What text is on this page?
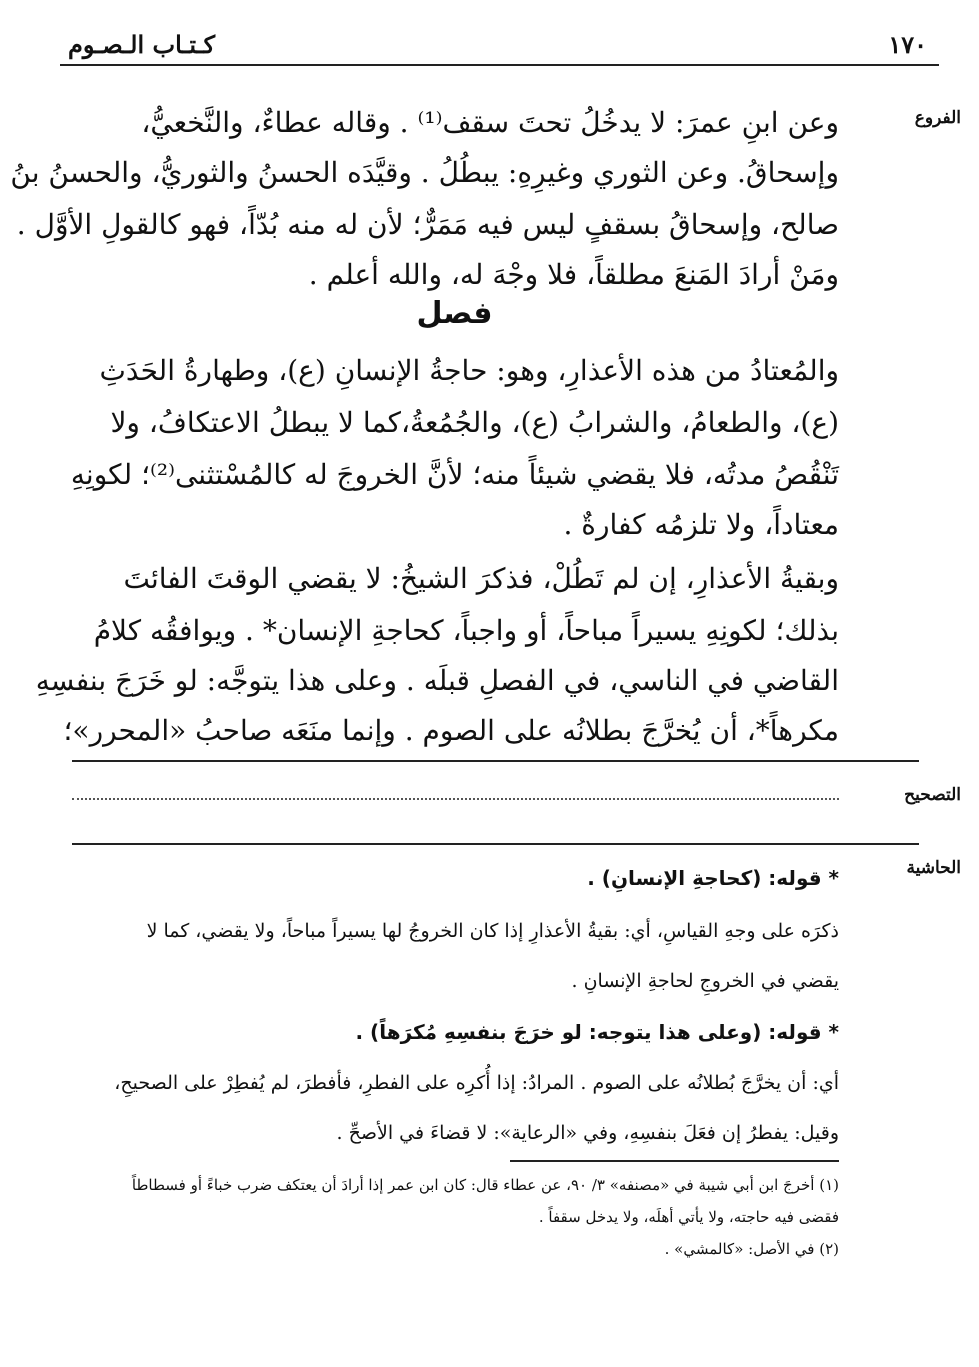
١٧٠
كـتـاب الـصـوم
الفروع
التصحيح
الحاشية
وعن ابنِ عمرَ: لا يدخُلُ تحتَ سقف⁽¹⁾ . وقاله عطاءٌ، والنَّخعيُّ،
وإسحاقُ. وعن الثوري وغيرِهِ: يبطُلُ . وقيَّدَه الحسنُ والثوريُّ، والحسنُ بنُ
صالح، وإسحاقُ بسقفٍ ليس فيه مَمَرٌّ؛ لأن له منه بُدّاً، فهو كالقولِ الأوَّل .
ومَنْ أرادَ المَنعَ مطلقاً، فلا وجْهَ له، والله أعلم .
فصل
والمُعتادُ من هذه الأعذارِ، وهو: حاجةُ الإنسانِ (ع)، وطهارةُ الحَدَثِ
(ع)، والطعامُ، والشرابُ (ع)، والجُمُعةُ،كما لا يبطلُ الاعتكافُ، ولا
تَنْقُصُ مدتُه، فلا يقضي شيئاً منه؛ لأنَّ الخروجَ له كالمُسْتثنى⁽²⁾؛ لكونِهِ
معتاداً، ولا تلزمُه كفارةٌ .
وبقيةُ الأعذارِ، إن لم تَطُلْ، فذكرَ الشيخُ: لا يقضي الوقتَ الفائتَ
بذلك؛ لكونِهِ يسيراً مباحاً، أو واجباً، كحاجةِ الإنسان* . ويوافقُه كلامُ
القاضي في الناسي، في الفصلِ قبلَه . وعلى هذا يتوجَّه: لو خَرَجَ بنفسِهِ
مكرهاً*، أن يُخرَّجَ بطلانُه على الصوم . وإنما منَعَه صاحبُ «المحرر»؛
* قوله: (كحاجةِ الإنسانِ) .
ذكرَه على وجهِ القياسِ، أي: بقيةُ الأعذارِ إذا كان الخروجُ لها يسيراً مباحاً، ولا يقضي، كما لا
يقضي في الخروجِ لحاجةِ الإنسانِ .
* قوله: (وعلى هذا يتوجه: لو خرَجَ بنفسِهِ مُكرَهاً) .
أي: أن يخرَّجَ بُطلانُه على الصوم . المرادُ: إذا أُكرِه على الفطرِ، فأفطرَ، لم يُفطِرْ على الصحيحِ،
وقيل: يفطرُ إن فعَلَ بنفسِهِ، وفي «الرعاية»: لا قضاءَ في الأصحِّ .
(١) أخرجَ ابن أبي شيبة في «مصنفه» ٣/ ٩٠، عن عطاء قال: كان ابن عمر إذا أرادَ أن يعتكف ضرب خباءً أو فسطاطاً
فقضى فيه حاجته، ولا يأتي أهلَه، ولا يدخل سقفاً .
(٢) في الأصل: «كالمشي» .
